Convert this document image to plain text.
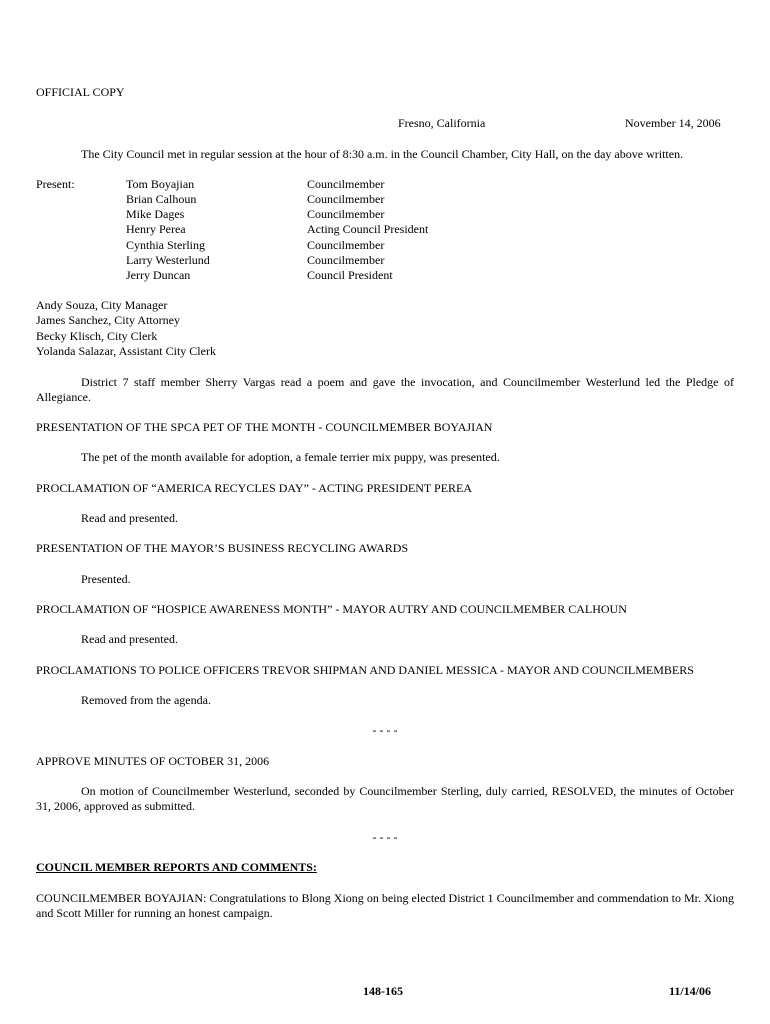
OFFICIAL COPY
Fresno, California	November 14, 2006
The City Council met in regular session at the hour of 8:30 a.m. in the Council Chamber, City Hall, on the day above written.
Present:	Tom Boyajian	Councilmember
Brian Calhoun	Councilmember
Mike Dages	Councilmember
Henry Perea	Acting Council President
Cynthia Sterling	Councilmember
Larry Westerlund	Councilmember
Jerry Duncan	Council President
Andy Souza, City Manager
James Sanchez, City Attorney
Becky Klisch, City Clerk
Yolanda Salazar, Assistant City Clerk
District 7 staff member Sherry Vargas read a poem and gave the invocation, and Councilmember Westerlund led the Pledge of Allegiance.
PRESENTATION OF THE SPCA PET OF THE MONTH - COUNCILMEMBER BOYAJIAN
The pet of the month available for adoption, a female terrier mix puppy, was presented.
PROCLAMATION OF “AMERICA RECYCLES DAY” - ACTING PRESIDENT PEREA
Read and presented.
PRESENTATION OF THE MAYOR’S BUSINESS RECYCLING AWARDS
Presented.
PROCLAMATION OF “HOSPICE AWARENESS MONTH” - MAYOR AUTRY AND COUNCILMEMBER CALHOUN
Read and presented.
PROCLAMATIONS TO POLICE OFFICERS TREVOR SHIPMAN AND DANIEL MESSICA - MAYOR AND COUNCILMEMBERS
Removed from the agenda.
- - - -
APPROVE MINUTES OF OCTOBER 31, 2006
On motion of Councilmember Westerlund, seconded by Councilmember Sterling, duly carried, RESOLVED, the minutes of October 31, 2006, approved as submitted.
- - - -
COUNCIL MEMBER REPORTS AND COMMENTS:
COUNCILMEMBER BOYAJIAN: Congratulations to Blong Xiong on being elected District 1 Councilmember and commendation to Mr. Xiong and Scott Miller for running an honest campaign.
148-165	11/14/06
